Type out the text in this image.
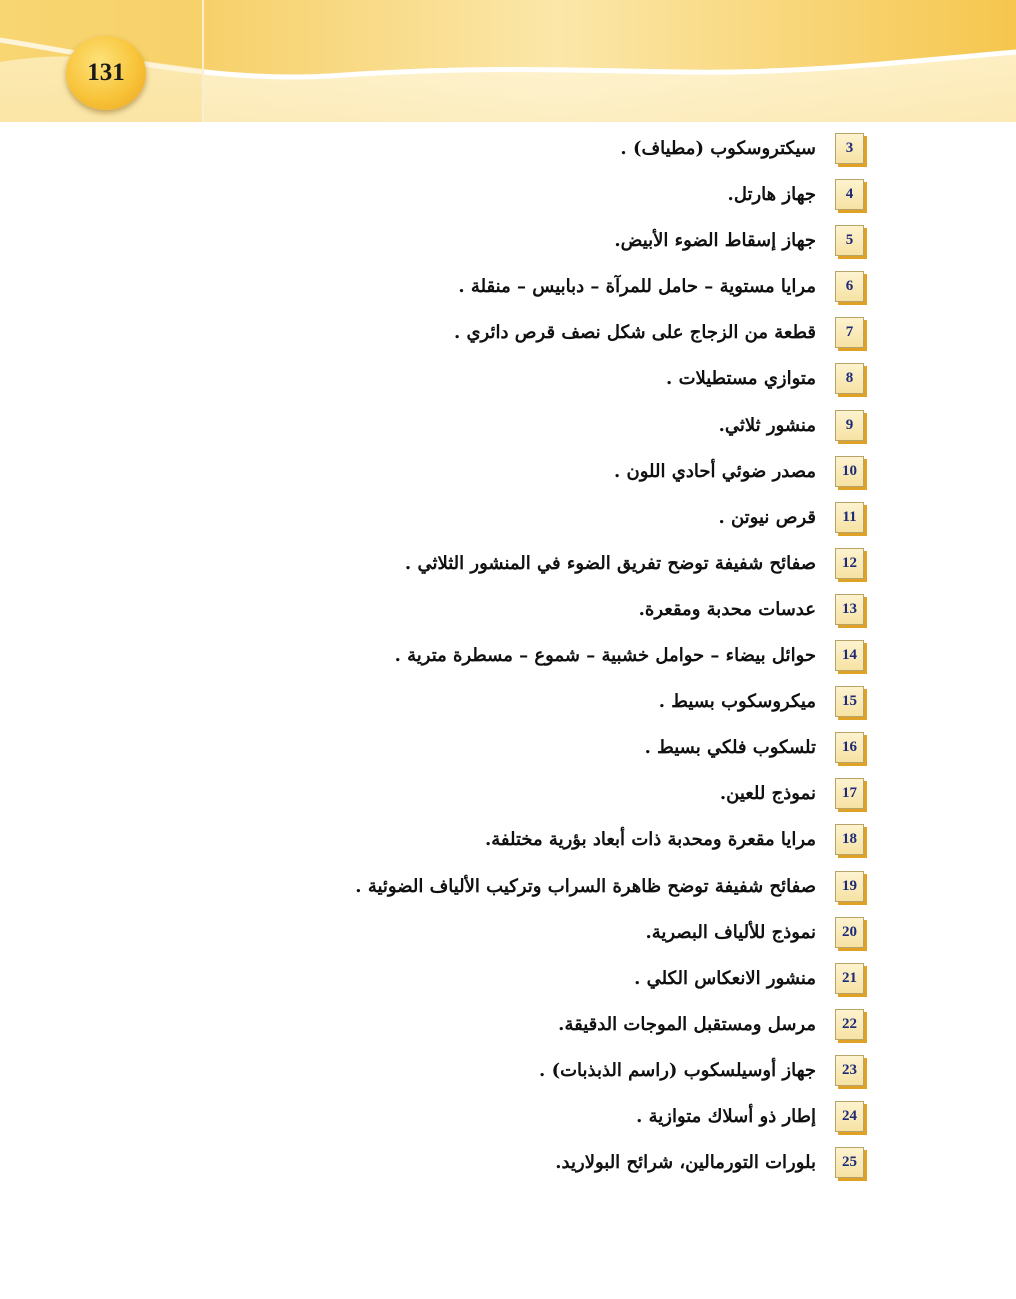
131
3
سيكتروسكوب (مطياف) .
4
جهاز هارتل.
5
جهاز إسقاط الضوء الأبيض.
6
مرايا مستوية – حامل للمرآة – دبابيس – منقلة .
7
قطعة من الزجاج على شكل نصف قرص دائري .
8
متوازي مستطيلات .
9
منشور ثلاثي.
10
مصدر ضوئي أحادي اللون .
11
قرص نيوتن .
12
صفائح شفيفة توضح تفريق الضوء في المنشور الثلاثي .
13
عدسات محدبة ومقعرة.
14
حوائل بيضاء – حوامل خشبية – شموع – مسطرة مترية .
15
ميكروسكوب بسيط .
16
تلسكوب فلكي بسيط .
17
نموذج للعين.
18
مرايا مقعرة ومحدبة ذات أبعاد بؤرية مختلفة.
19
صفائح شفيفة توضح ظاهرة السراب وتركيب الألياف الضوئية .
20
نموذج للألياف البصرية.
21
منشور الانعكاس الكلي .
22
مرسل ومستقبل الموجات الدقيقة.
23
جهاز أوسيلسكوب (راسم الذبذبات) .
24
إطار ذو أسلاك متوازية .
25
بلورات التورمالين، شرائح البولاريد.
